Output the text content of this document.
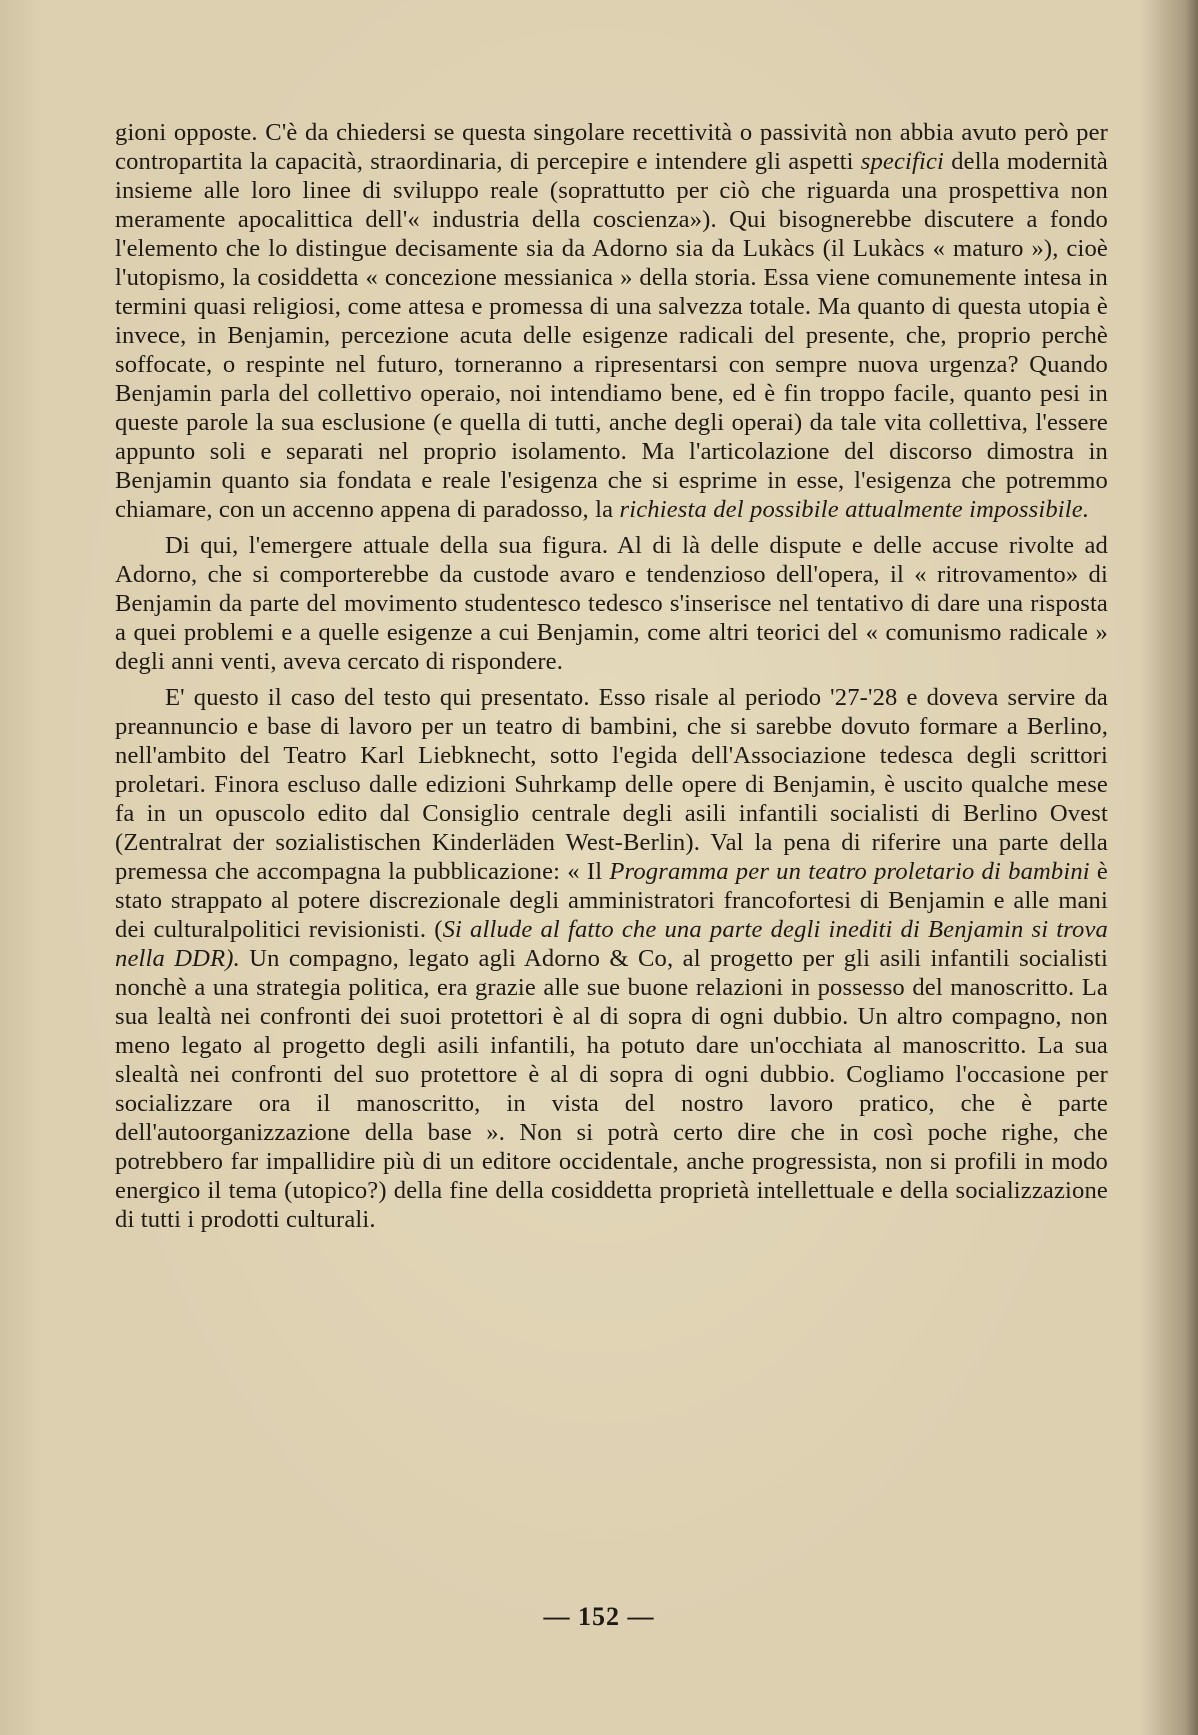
gioni opposte. C'è da chiedersi se questa singolare recettività o passività non abbia avuto però per contropartita la capacità, straordinaria, di percepire e intendere gli aspetti specifici della modernità insieme alle loro linee di sviluppo reale (soprattutto per ciò che riguarda una prospettiva non meramente apocalittica dell'« industria della coscienza»). Qui bisognerebbe discutere a fondo l'elemento che lo distingue decisamente sia da Adorno sia da Lukàcs (il Lukàcs « maturo »), cioè l'utopismo, la cosiddetta « concezione messianica » della storia. Essa viene comunemente intesa in termini quasi religiosi, come attesa e promessa di una salvezza totale. Ma quanto di questa utopia è invece, in Benjamin, percezione acuta delle esigenze radicali del presente, che, proprio perchè soffocate, o respinte nel futuro, torneranno a ripresentarsi con sempre nuova urgenza? Quando Benjamin parla del collettivo operaio, noi intendiamo bene, ed è fin troppo facile, quanto pesi in queste parole la sua esclusione (e quella di tutti, anche degli operai) da tale vita collettiva, l'essere appunto soli e separati nel proprio isolamento. Ma l'articolazione del discorso dimostra in Benjamin quanto sia fondata e reale l'esigenza che si esprime in esse, l'esigenza che potremmo chiamare, con un accenno appena di paradosso, la richiesta del possibile attualmente impossibile.

Di qui, l'emergere attuale della sua figura. Al di là delle dispute e delle accuse rivolte ad Adorno, che si comporterebbe da custode avaro e tendenzioso dell'opera, il « ritrovamento» di Benjamin da parte del movimento studentesco tedesco s'inserisce nel tentativo di dare una risposta a quei problemi e a quelle esigenze a cui Benjamin, come altri teorici del « comunismo radicale » degli anni venti, aveva cercato di rispondere.

E' questo il caso del testo qui presentato. Esso risale al periodo '27-'28 e doveva servire da preannuncio e base di lavoro per un teatro di bambini, che si sarebbe dovuto formare a Berlino, nell'ambito del Teatro Karl Liebknecht, sotto l'egida dell'Associazione tedesca degli scrittori proletari. Finora escluso dalle edizioni Suhrkamp delle opere di Benjamin, è uscito qualche mese fa in un opuscolo edito dal Consiglio centrale degli asili infantili socialisti di Berlino Ovest (Zentralrat der sozialistischen Kinderläden West-Berlin). Val la pena di riferire una parte della premessa che accompagna la pubblicazione: « Il Programma per un teatro proletario di bambini è stato strappato al potere discrezionale degli amministratori francofortesi di Benjamin e alle mani dei culturalpolitici revisionisti. (Si allude al fatto che una parte degli inediti di Benjamin si trova nella DDR). Un compagno, legato agli Adorno & Co, al progetto per gli asili infantili socialisti nonchè a una strategia politica, era grazie alle sue buone relazioni in possesso del manoscritto. La sua lealtà nei confronti dei suoi protettori è al di sopra di ogni dubbio. Un altro compagno, non meno legato al progetto degli asili infantili, ha potuto dare un'occhiata al manoscritto. La sua slealtà nei confronti del suo protettore è al di sopra di ogni dubbio. Cogliamo l'occasione per socializzare ora il manoscritto, in vista del nostro lavoro pratico, che è parte dell'autoorganizzazione della base ». Non si potrà certo dire che in così poche righe, che potrebbero far impallidire più di un editore occidentale, anche progressista, non si profili in modo energico il tema (utopico?) della fine della cosiddetta proprietà intellettuale e della socializzazione di tutti i prodotti culturali.

— 152 —
